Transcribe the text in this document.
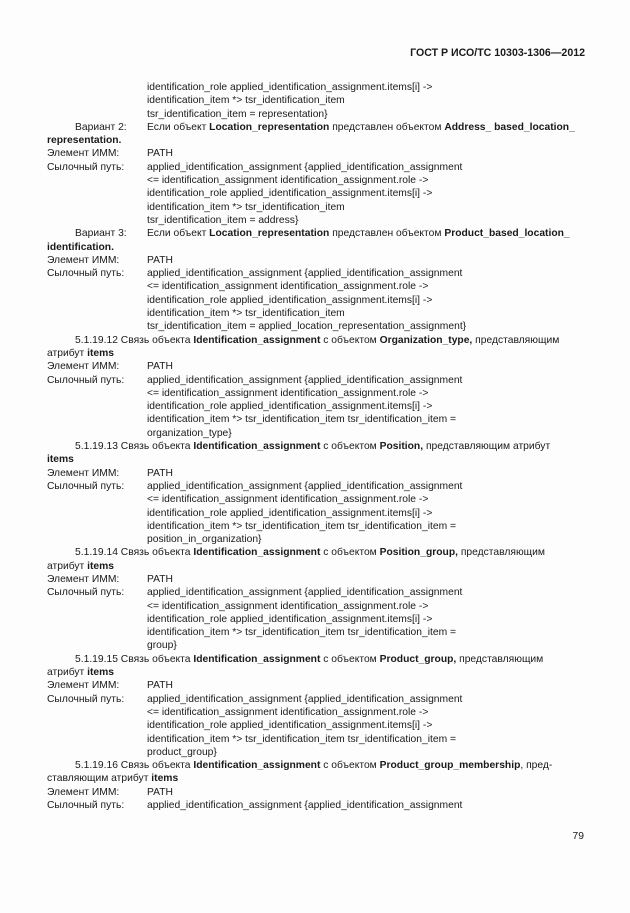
ГОСТ Р ИСО/ТС 10303-1306—2012
identification_role applied_identification_assignment.items[i] ->
identification_item *> tsr_identification_item
tsr_identification_item = representation}
Вариант 2: Если объект Location_representation представлен объектом Address_ based_location_
representation.
Элемент ИММ:	PATH
Сылочный путь: applied_identification_assignment {applied_identification_assignment
<= identification_assignment identification_assignment.role ->
identification_role applied_identification_assignment.items[i] ->
identification_item *> tsr_identification_item
tsr_identification_item = address}
Вариант 3: Если объект Location_representation представлен объектом Product_based_location_
identification.
Элемент ИММ:	PATH
Сылочный путь: applied_identification_assignment {applied_identification_assignment
<= identification_assignment identification_assignment.role ->
identification_role applied_identification_assignment.items[i] ->
identification_item *> tsr_identification_item
tsr_identification_item = applied_location_representation_assignment}
5.1.19.12 Связь объекта Identification_assignment с объектом Organization_type, представляющим
атрибут items
Элемент ИММ:	PATH
Сылочный путь: applied_identification_assignment {applied_identification_assignment
<= identification_assignment identification_assignment.role ->
identification_role applied_identification_assignment.items[i] ->
identification_item *> tsr_identification_item tsr_identification_item =
organization_type}
5.1.19.13 Связь объекта Identification_assignment с объектом Position, представляющим атрибут
items
Элемент ИММ:	PATH
Сылочный путь: applied_identification_assignment {applied_identification_assignment
<= identification_assignment identification_assignment.role ->
identification_role applied_identification_assignment.items[i] ->
identification_item *> tsr_identification_item tsr_identification_item =
position_in_organization}
5.1.19.14 Связь объекта Identification_assignment с объектом Position_group, представляющим
атрибут items
Элемент ИММ:	PATH
Сылочный путь: applied_identification_assignment {applied_identification_assignment
<= identification_assignment identification_assignment.role ->
identification_role applied_identification_assignment.items[i] ->
identification_item *> tsr_identification_item tsr_identification_item =
group}
5.1.19.15 Связь объекта Identification_assignment с объектом Product_group, представляющим
атрибут items
Элемент ИММ:	PATH
Сылочный путь: applied_identification_assignment {applied_identification_assignment
<= identification_assignment identification_assignment.role ->
identification_role applied_identification_assignment.items[i] ->
identification_item *> tsr_identification_item tsr_identification_item =
product_group}
5.1.19.16 Связь объекта Identification_assignment с объектом Product_group_membership, пред-
ставляющим атрибут items
Элемент ИММ:	PATH
Сылочный путь: applied_identification_assignment {applied_identification_assignment
79
